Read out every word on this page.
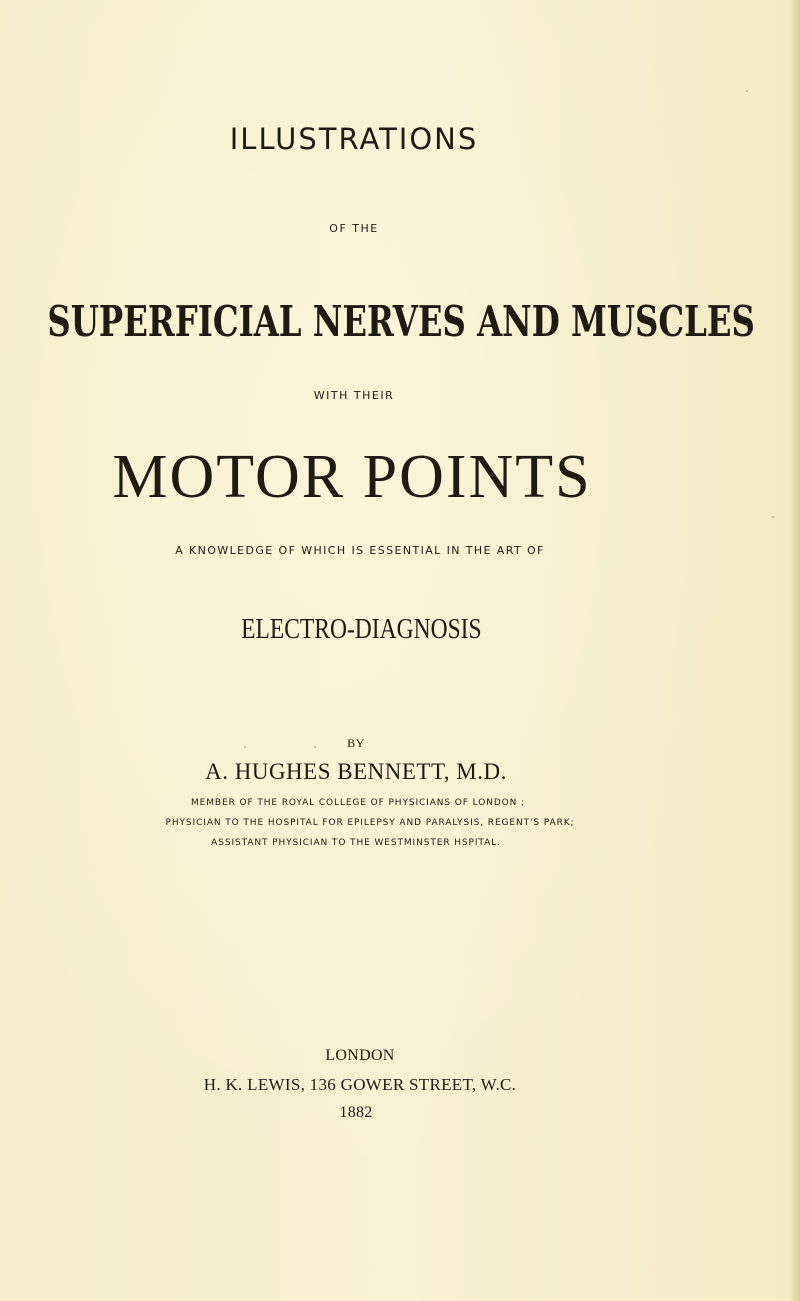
ILLUSTRATIONS
OF THE
SUPERFICIAL NERVES AND MUSCLES
WITH THEIR
MOTOR POINTS
A KNOWLEDGE OF WHICH IS ESSENTIAL IN THE ART OF
ELECTRO-DIAGNOSIS
BY
A. HUGHES BENNETT, M.D.
MEMBER OF THE ROYAL COLLEGE OF PHYSICIANS OF LONDON ;
PHYSICIAN TO THE HOSPITAL FOR EPILEPSY AND PARALYSIS, REGENT'S PARK;
ASSISTANT PHYSICIAN TO THE WESTMINSTER HSPITAL.
LONDON
H. K. LEWIS, 136 GOWER STREET, W.C.
1882
